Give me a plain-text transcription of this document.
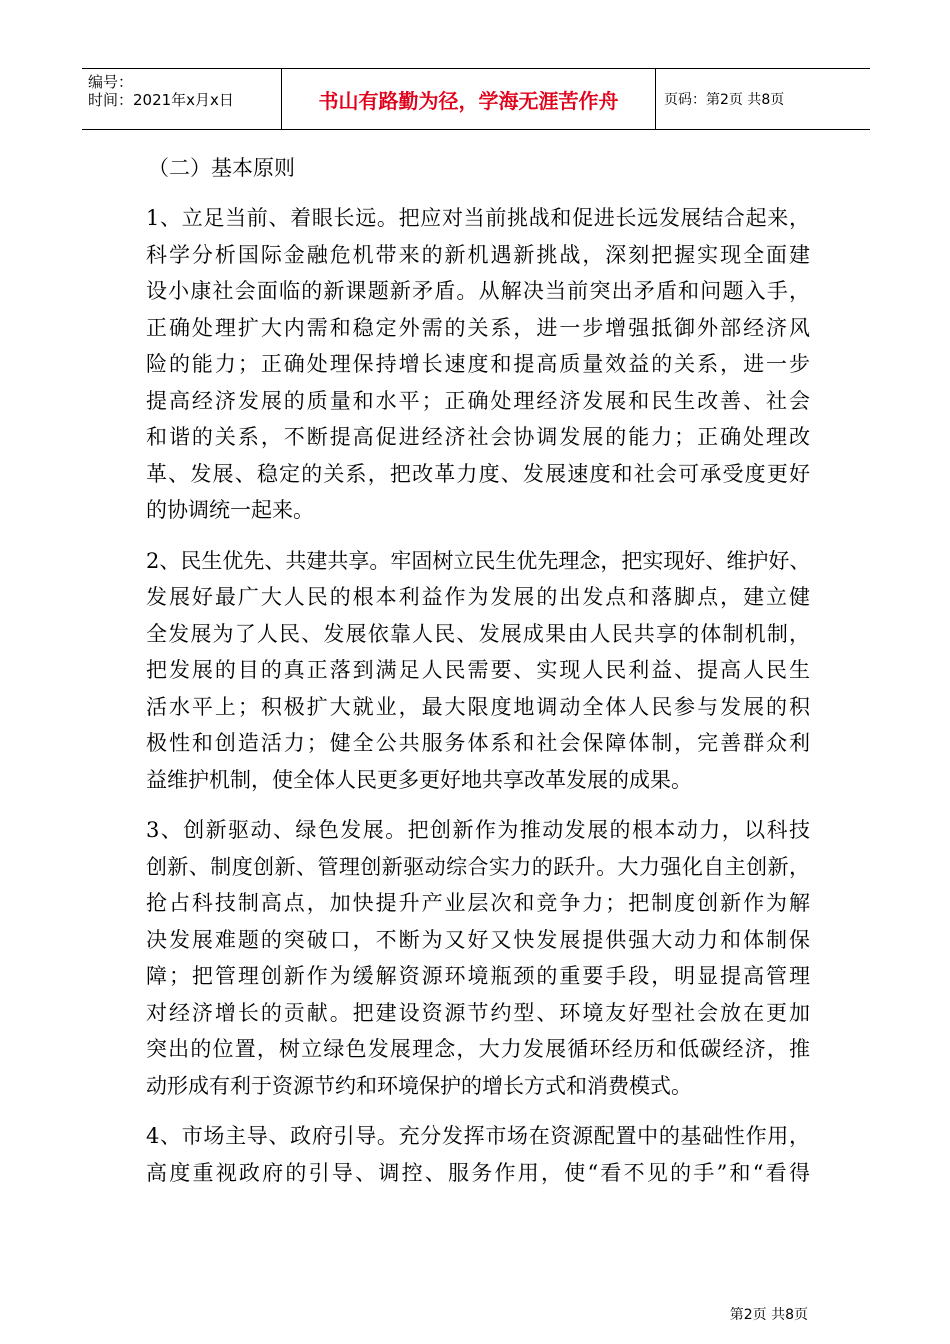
编号：
时间：2021年x月x日	书山有路勤为径，学海无涯苦作舟	页码：第2页 共8页
（二）基本原则
1、立足当前、着眼长远。把应对当前挑战和促进长远发展结合起来，
科学分析国际金融危机带来的新机遇新挑战，深刻把握实现全面建
设小康社会面临的新课题新矛盾。从解决当前突出矛盾和问题入手，
正确处理扩大内需和稳定外需的关系，进一步增强抵御外部经济风
险的能力；正确处理保持增长速度和提高质量效益的关系，进一步
提高经济发展的质量和水平；正确处理经济发展和民生改善、社会
和谐的关系，不断提高促进经济社会协调发展的能力；正确处理改
革、发展、稳定的关系，把改革力度、发展速度和社会可承受度更好
的协调统一起来。
2、民生优先、共建共享。牢固树立民生优先理念，把实现好、维护好、
发展好最广大人民的根本利益作为发展的出发点和落脚点，建立健
全发展为了人民、发展依靠人民、发展成果由人民共享的体制机制，
把发展的目的真正落到满足人民需要、实现人民利益、提高人民生
活水平上；积极扩大就业，最大限度地调动全体人民参与发展的积
极性和创造活力；健全公共服务体系和社会保障体制，完善群众利
益维护机制，使全体人民更多更好地共享改革发展的成果。
3、创新驱动、绿色发展。把创新作为推动发展的根本动力，以科技
创新、制度创新、管理创新驱动综合实力的跃升。大力强化自主创新，
抢占科技制高点，加快提升产业层次和竞争力；把制度创新作为解
决发展难题的突破口，不断为又好又快发展提供强大动力和体制保
障；把管理创新作为缓解资源环境瓶颈的重要手段，明显提高管理
对经济增长的贡献。把建设资源节约型、环境友好型社会放在更加
突出的位置，树立绿色发展理念，大力发展循环经历和低碳经济，推
动形成有利于资源节约和环境保护的增长方式和消费模式。
4、市场主导、政府引导。充分发挥市场在资源配置中的基础性作用，
高度重视政府的引导、调控、服务作用，使“看不见的手”和“看得
第2页 共8页
